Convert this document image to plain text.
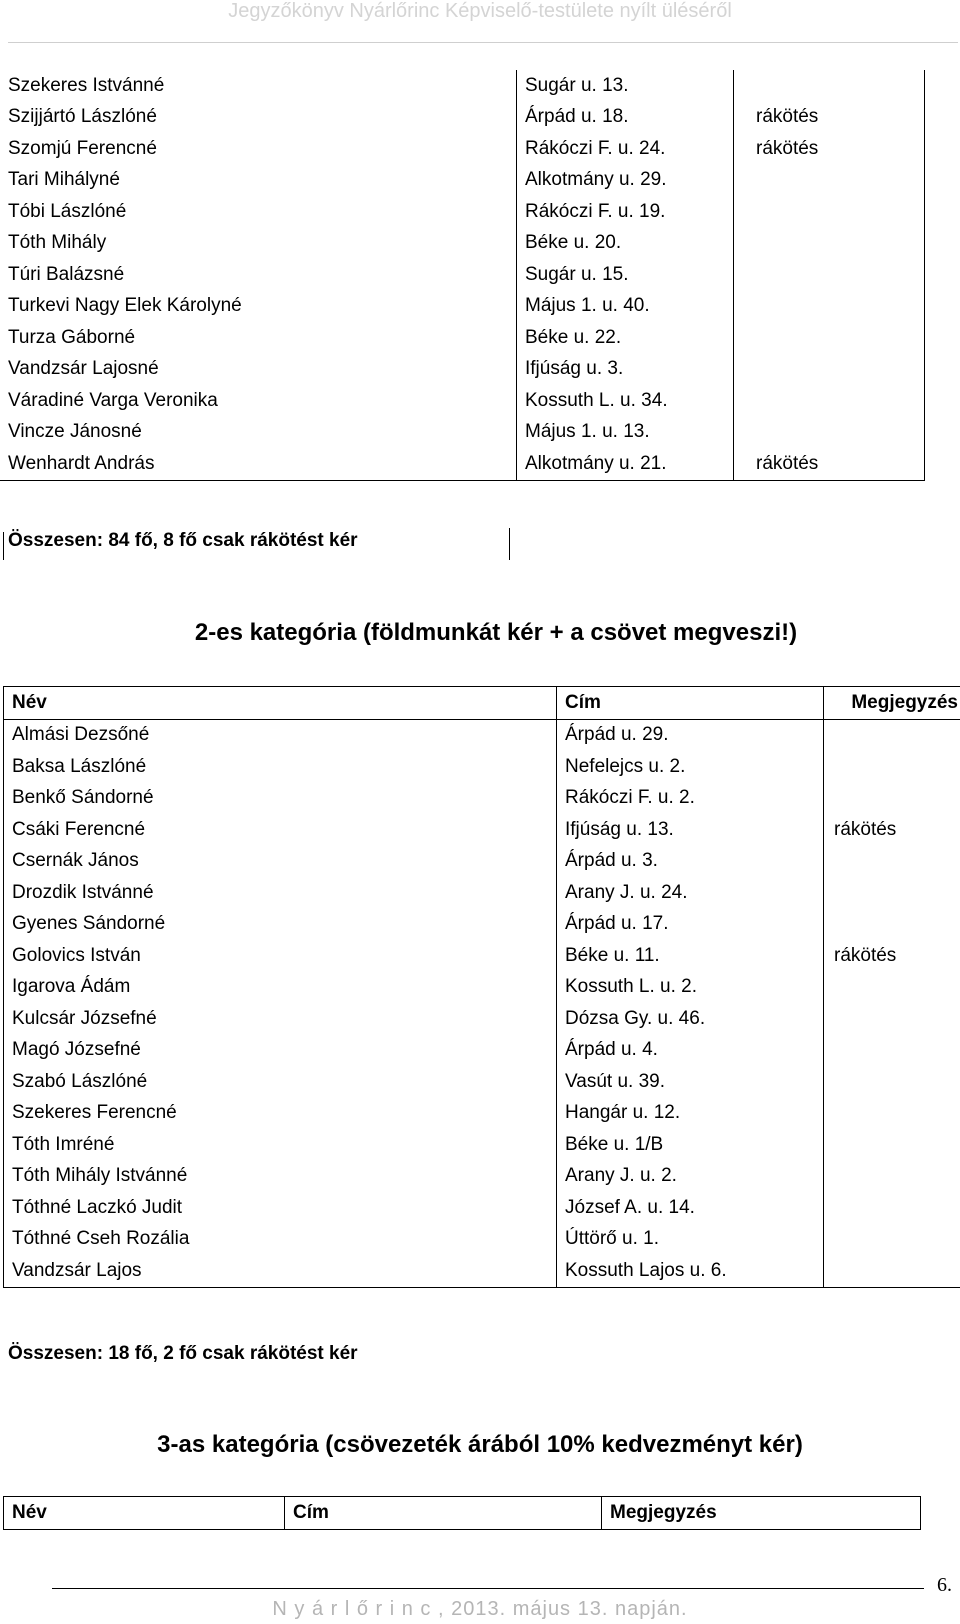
Jegyzőkönyv Nyárlőrinc Képviselő-testülete nyílt üléséről
Szekeres Istvánné	Sugár u. 13.	
Szijjártó Lászlóné	Árpád u. 18.	rákötés
Szomjú Ferencné	Rákóczi F. u. 24.	rákötés
Tari Mihályné	Alkotmány u. 29.	
Tóbi Lászlóné	Rákóczi F. u. 19.	
Tóth Mihály	Béke u. 20.	
Túri Balázsné	Sugár u. 15.	
Turkevi Nagy Elek Károlyné	Május 1. u. 40.	
Turza Gáborné	Béke u. 22.	
Vandzsár Lajosné	Ifjúság u. 3.	
Váradiné Varga Veronika	Kossuth L. u. 34.	
Vincze Jánosné	Május 1. u. 13.	
Wenhardt András	Alkotmány u. 21.	rákötés
Összesen: 84 fő, 8 fő csak rákötést kér
2-es kategória (földmunkát kér + a csövet megveszi!)
Név	Cím	Megjegyzés
Almási Dezsőné	Árpád u. 29.	
Baksa Lászlóné	Nefelejcs u. 2.	
Benkő Sándorné	Rákóczi F. u. 2.	
Csáki Ferencné	Ifjúság u. 13.	rákötés
Csernák János	Árpád u. 3.	
Drozdik Istvánné	Arany J. u. 24.	
Gyenes Sándorné	Árpád u. 17.	
Golovics István	Béke u. 11.	rákötés
Igarova Ádám	Kossuth L. u. 2.	
Kulcsár Józsefné	Dózsa Gy. u. 46.	
Magó Józsefné	Árpád u. 4.	
Szabó Lászlóné	Vasút u. 39.	
Szekeres Ferencné	Hangár u. 12.	
Tóth Imréné	Béke u. 1/B	
Tóth Mihály Istvánné	Arany J. u. 2.	
Tóthné Laczkó Judit	József A. u. 14.	
Tóthné Cseh Rozália	Úttörő u. 1.	
Vandzsár Lajos	Kossuth Lajos u. 6.	
Összesen: 18 fő, 2 fő csak rákötést kér
3-as kategória (csövezeték árából 10% kedvezményt kér)
Név	Cím	Megjegyzés
6.
N y á r l ő r i n c , 2013. május 13. napján.
